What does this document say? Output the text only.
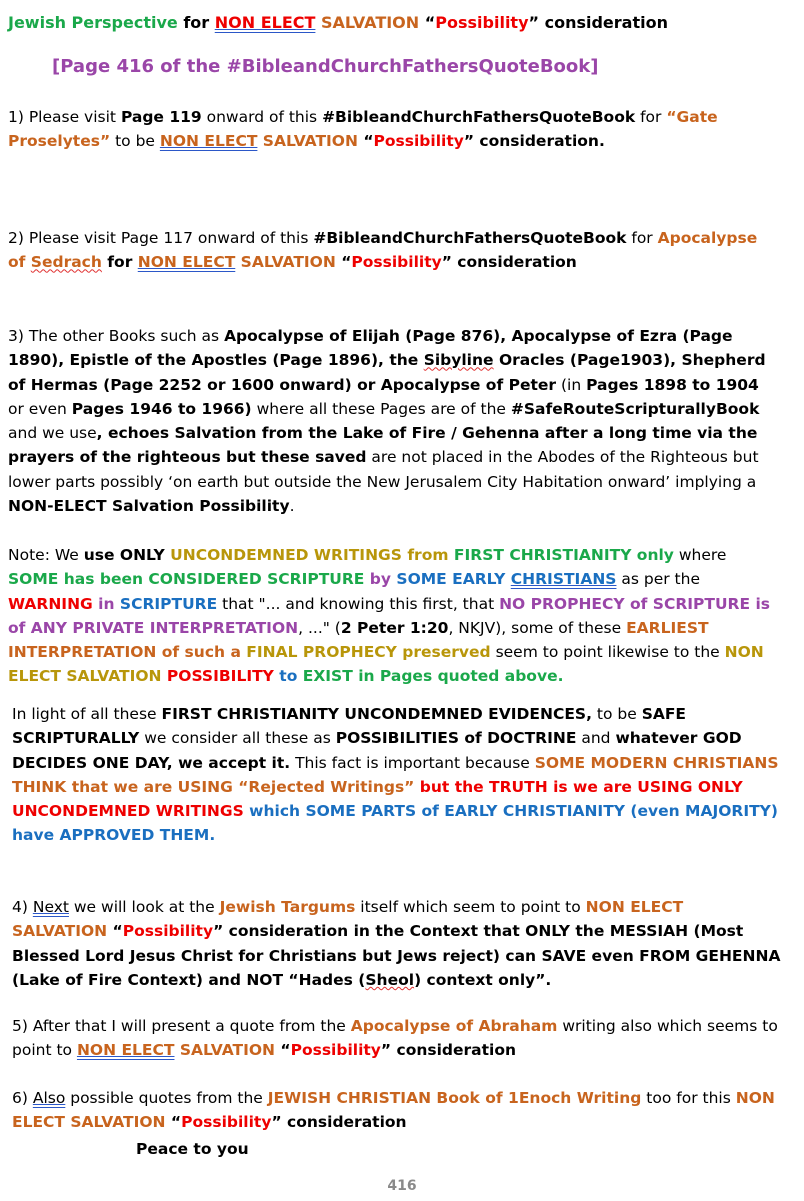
Jewish Perspective for NON ELECT SALVATION “Possibility” consideration
[Page 416 of the #BibleandChurchFathersQuoteBook]
1) Please visit Page 119 onward of this #BibleandChurchFathersQuoteBook for “Gate Proselytes” to be NON ELECT SALVATION “Possibility” consideration.
2) Please visit Page 117 onward of this #BibleandChurchFathersQuoteBook for Apocalypse of Sedrach for NON ELECT SALVATION “Possibility” consideration
3) The other Books such as Apocalypse of Elijah (Page 876), Apocalypse of Ezra (Page 1890), Epistle of the Apostles (Page 1896), the Sibyline Oracles (Page1903), Shepherd of Hermas (Page 2252 or 1600 onward) or Apocalypse of Peter (in Pages 1898 to 1904 or even Pages 1946 to 1966) where all these Pages are of the #SafeRouteScripturallyBook and we use, echoes Salvation from the Lake of Fire / Gehenna after a long time via the prayers of the righteous but these saved are not placed in the Abodes of the Righteous but lower parts possibly ‘on earth but outside the New Jerusalem City Habitation onward’ implying a NON-ELECT Salvation Possibility.
Note: We use ONLY UNCONDEMNED WRITINGS from FIRST CHRISTIANITY only where SOME has been CONSIDERED SCRIPTURE by SOME EARLY CHRISTIANS as per the WARNING in SCRIPTURE that "... and knowing this first, that NO PROPHECY of SCRIPTURE is of ANY PRIVATE INTERPRETATION, ..." (2 Peter 1:20, NKJV), some of these EARLIEST INTERPRETATION of such a FINAL PROPHECY preserved seem to point likewise to the NON ELECT SALVATION POSSIBILITY to EXIST in Pages quoted above.
In light of all these FIRST CHRISTIANITY UNCONDEMNED EVIDENCES, to be SAFE SCRIPTURALLY we consider all these as POSSIBILITIES of DOCTRINE and whatever GOD DECIDES ONE DAY, we accept it. This fact is important because SOME MODERN CHRISTIANS THINK that we are USING “Rejected Writings” but the TRUTH is we are USING ONLY UNCONDEMNED WRITINGS which SOME PARTS of EARLY CHRISTIANITY (even MAJORITY) have APPROVED THEM.
4) Next we will look at the Jewish Targums itself which seem to point to NON ELECT SALVATION “Possibility” consideration in the Context that ONLY the MESSIAH (Most Blessed Lord Jesus Christ for Christians but Jews reject) can SAVE even FROM GEHENNA (Lake of Fire Context) and NOT “Hades (Sheol) context only”.
5) After that I will present a quote from the Apocalypse of Abraham writing also which seems to point to NON ELECT SALVATION “Possibility” consideration
6) Also possible quotes from the JEWISH CHRISTIAN Book of 1Enoch Writing too for this NON ELECT SALVATION “Possibility” consideration
Peace to you
416
